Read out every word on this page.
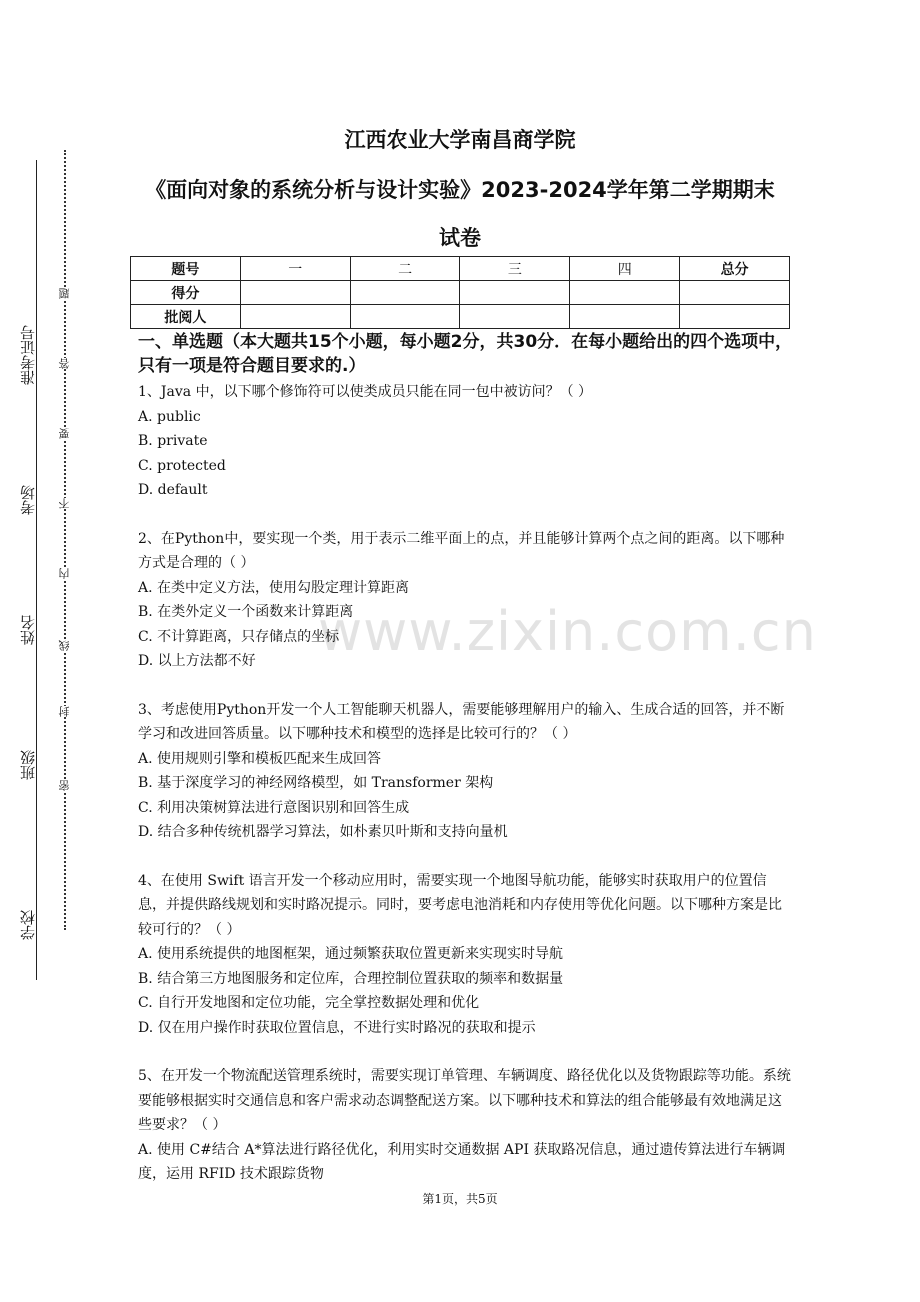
准考证号
考场
姓名
班级
学校
题
答
要
不
内
线
封
密
www.zixin.com.cn
江西农业大学南昌商学院
《面向对象的系统分析与设计实验》2023-2024学年第二学期期末
试卷
题号	一	二	三	四	总分
得分					
批阅人					
一、单选题（本大题共15个小题，每小题2分，共30分．在每小题给出的四个选项中，只有一项是符合题目要求的.）
1、Java 中，以下哪个修饰符可以使类成员只能在同一包中被访问？（ ）
A. public
B. private
C. protected
D. default
2、在Python中，要实现一个类，用于表示二维平面上的点，并且能够计算两个点之间的距离。以下哪种方式是合理的（ ）
A. 在类中定义方法，使用勾股定理计算距离
B. 在类外定义一个函数来计算距离
C. 不计算距离，只存储点的坐标
D. 以上方法都不好
3、考虑使用Python开发一个人工智能聊天机器人，需要能够理解用户的输入、生成合适的回答，并不断学习和改进回答质量。以下哪种技术和模型的选择是比较可行的？（ ）
A. 使用规则引擎和模板匹配来生成回答
B. 基于深度学习的神经网络模型，如 Transformer 架构
C. 利用决策树算法进行意图识别和回答生成
D. 结合多种传统机器学习算法，如朴素贝叶斯和支持向量机
4、在使用 Swift 语言开发一个移动应用时，需要实现一个地图导航功能，能够实时获取用户的位置信息，并提供路线规划和实时路况提示。同时，要考虑电池消耗和内存使用等优化问题。以下哪种方案是比较可行的？（ ）
A. 使用系统提供的地图框架，通过频繁获取位置更新来实现实时导航
B. 结合第三方地图服务和定位库，合理控制位置获取的频率和数据量
C. 自行开发地图和定位功能，完全掌控数据处理和优化
D. 仅在用户操作时获取位置信息，不进行实时路况的获取和提示
5、在开发一个物流配送管理系统时，需要实现订单管理、车辆调度、路径优化以及货物跟踪等功能。系统要能够根据实时交通信息和客户需求动态调整配送方案。以下哪种技术和算法的组合能够最有效地满足这些要求？（ ）
A. 使用 C#结合 A*算法进行路径优化，利用实时交通数据 API 获取路况信息，通过遗传算法进行车辆调度，运用 RFID 技术跟踪货物
第1页，共5页
